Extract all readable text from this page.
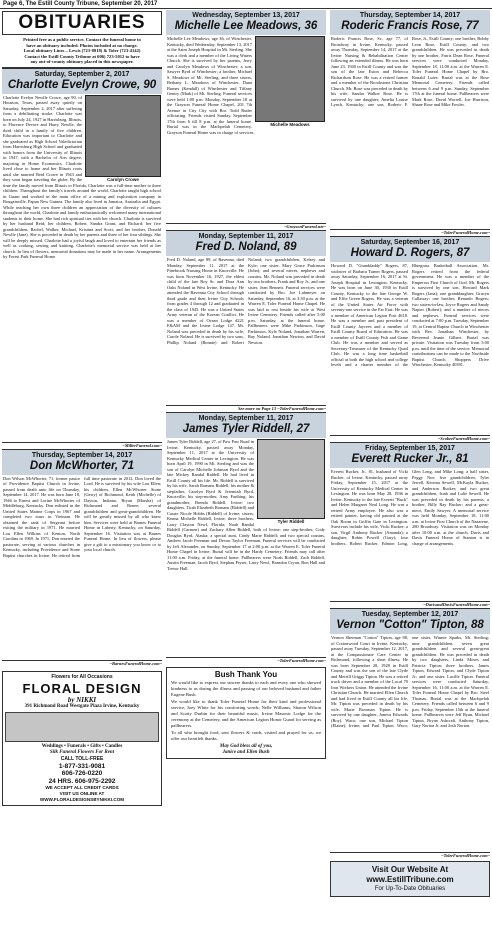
Page 6, The Estill County Tribune, September 20, 2017
OBITUARIES
Printed free as a public service. Contact the funeral home to
have an obituary included. Photos included at no charge.
Local obituary Lines – Lewis (723-8018) & Toler (723-4142)
Contact the Estill County Tribune at 606) 723-5012 to have
any out-of-county obituary placed in this newspaper.
Saturday, September 2, 2017
Charlotte Evelyn Crowe, 90
Carolyn Crowe
Charlotte Evelyn Newlle Crowe, age 90, of Houston, Texas, passed away quietly on Saturday, September 2, 2017 after suffering from a debilitating stroke. Charlotte was born on July 24, 1927 in Harrisburg, Illinois, to Florence Devore and Harry Newlle, the third child in a family of five children. Education was important to Charlotte and she graduated as High School Valedictorian from Harrisburg High School and graduated with honors from the University of Illinois in 1947, with a Bachelor of Arts degree, majoring in Home Economics. Charlotte lived close to home and her Illinois roots until she married Reid Crowe in 1943 and they soon began traveling the globe. By the time the family moved from Illinois to Florida, Charlotte was a full-time mother to three children. Throughout the family's travels around the world, Charlotte taught high school in Guam and worked in the main office of a mining and exploration company in Bougainville, Papua New Guinea. The family also lived in Jamaica, Australia and Egypt. While teaching her own three children an appreciation of the diversity of cultures throughout the world, Charlotte and family enthusiastically welcomed many international students to their home. She had rich spiritual ties with her church. Charlotte is survived by her husband Reid; her children, Robert, Sandra Grant, and Richard; her five grandchildren, Rachel, Walker, Michael, Kristina and Scott; and her brother, Donald Newlle (Jane). She is preceded in death by her parents and three of her four siblings. She will be deeply missed. Charlotte had a joyful laugh and loved to entertain her friends as well as cooking, sewing and knitting. Charlotte's memorial service was held at her church. In lieu of flowers, memorial donations may be made in her name. Arrangements by Forest Park Funeral Home.
~MillerFuneral.com~
Thursday, September 14, 2017
Don McWhorter, 71
Don Wilson McWhorter, 71, former pastor of Providence Baptist Church in Irvine, passed from death unto life on Thursday, September 14, 2017. He was born June 18, 1946 to Ernest and Lorine McWhorter of Middleburg, Kentucky. Don enlisted in the United States Marine Corps in 1967 and completed two tours in Vietnam. He obtained the rank of Sergeant before exiting the military in 1971. He married Lou Ellen Wilkins of Kenton, North Carolina in 1969. In 1971, Don entered the pastorate, serving at various churches in Kentucky, including Providence and Stone Baptist churches in Irvine. He retired from full time pastorate in 2012. Don loved the Lord. He is survived by his wife Lou Ellen; his children, Ellen McWhorter Stone (Gerry) of Richmond, Keith (Michelle) of Dayton, Indiana, Bryan (Marsha) of Richmond and Renee; several grandchildren and great-grandchildren. He will be greatly missed by all who knew him. Services were held at Barnes Funeral Home in Laberty, Kentucky, on Saturday, September 16. Visitation was at Barnes Funeral Home. In lieu of flowers, please give a gift to a missionary you know or to your local church.
~BarnesFuneralHome.com~
Flowers for All Occasions
FLORAL DESIGN
by NIKKI
391 Richmond Road Westgate Plaza Irvine, Kentucky
Weddings • Funerals • Gifts • Candles
Silk Funeral Flowers For Rent
CALL TOLL-FREE
1-877-331-9081
606-726-0220
24 HRS. 606-975-2292
WE ACCEPT ALL CREDIT CARDS
VISIT US ONLINE AT
WWW.FLORALDESIGNSBYNIKKI.COM
Wednesday, September 13, 2017
Michelle Lee Meadows, 36
Michelle Meadows
Michelle Lee Meadows, age 36, of Winchester, Kentucky, died Wednesday, September 13, 2017 at the Saint Joseph Hospital in Mt. Sterling. She was a clerk and a member of the Living Waters Church. She is survived by her parents, Jerry and Carolyn Meadows of Winchester; a son, Sawyer Byrd of Winchester; a brother, Michael S. Meadows of Mt. Sterling; and three sisters, Bethany L. Meadows of Winchester, Dana Barnes (Kendall) of Winchester and Tiffany Gentry (Mark) of Mt. Sterling. Funeral services were held 1:00 p.m. Monday, September 18 at the Grayson Funeral Home Chapel, 201 7th Avenue in City City with Bro. Todd Ruder officiating. Friends visited Sunday, September 17th from 6 till 8 p.m. at the funeral home. Burial was in the Machpelah Cemetery. Grayson Funeral Home was in charge of services.
~GraysonFuneral.net~
Monday, September 11, 2017
Fred D. Noland, 89
Fred D. Noland, age 89, of Ravenna, died Monday, September 11, 2017 at the Pinebrook Nursing Home in Knoxville. He was born November 16, 1927, the eldest child of the late Roy Sr. and Dora Ann Oaks Noland in West Irvine, Kentucky. He attended the Ravenna City School through third grade and then Irvine City Schools from grades 4 through 12 and graduated in the class of 1945. He was a United States Army veteran of the Korean Conflict. He was a member of Ocean Lodge #221 F&AM and the Irvine Lodge 147. Mr. Noland was preceded in death by his wife, Carole Noland. He is survived by two sons, Phillip Noland (Bonnie) and Robert Noland; two grandchildren, Kelsey and Kyle; one sister, Mary Grace Parkinson (John); and several nieces, nephews and cousins. Mr. Noland was preceded in death by two brothers, Frank and Roy Jr., and one sister, Jean Bennett. Funeral services were conducted by Bro. Joe Lahmeyer on Saturday, September 16, at 3:30 p.m. at the Warren E. Toler Funeral Home Chapel. He was laid to rest beside his wife at West Irvine Cemetery. Friends called after 5:00 p.m. Saturday, at the funeral home. Pallbearers were Mike Parkinson, Gage Parkinson, Kyle Noland, Jonathan Warren, Ray Noland, Jonathan Newton, and David Newton.
See more on Page 13 ~TolerFuneralHome.com~
Monday, September 11, 2017
James Tyler Riddell, 27
Tyler Riddell
James Tyler Riddell, age 27, of Paw Paw Road in Irvine, Kentucky, passed away Monday, September 11, 2017 at the University of Kentucky Medical Center in Lexington. He was born April 19, 1990 in Mt. Sterling and was the son of Carolyn Michelle Johnson Byrd and the late Mickey Randal Riddell. He had lived in Estill County all his life. Mr. Riddell is survived by his wife, Sarah Romans Riddell; his mother & stepfather, Carolyn Byrd & Jeremiah Byrd, Knoxville; his step-mother, Amy Farthing; his grandmother, Brenda Riddell, Irvine; two daughters, Tirah Elizabeth Romans (Riddell) and Cassie Nicole Hobbs (Riddell) of Irvine; sisters, Kenna Michelle Riddell, Irvine; three brothers, Larry Clayton Newl, Florida; Noah Randal Riddell (Carmen) and Zachary Allen Riddell, both of Irvine; one step-brother, Cody Douglas Byrd, Alaska; a special aunt, Cindy Marie Riddell; and two special cousins, Andrew Jacob Freeman and Devon Taylor Freeman. Funeral services will be conducted by Jeff Alexander, on Sunday, September 17 at 2:00 p.m. at the Warren E. Toler Funeral Home Chapel in Irvine. Burial will be in the Hardy Cemetery. Friends may call after 11:00 a.m. Friday, at the funeral home. Pallbearers were Noah Riddell, Zach Riddell, Austin Freeman, Jacob Byrd, Stephan Pryser, Larry Newl, Brandon Cryan, Ron Hall and Trevor Hall.
~TolerFuneralHome.com~
Bush Thank You

We would like to express our sincere thanks to each and every one who showed kindness to us during the illness and passing of our beloved husband and father Eugene Bush.

We would like to thank Toler Funeral Home for their kind and professional service, Joey White for his comforting words; Nelle Williams, Sharon Wilson and Scotty Durbin for their beautiful music, Irvine Masonic Lodge for the ceremony at the Cemetery, and the American Legion Honor Guard for serving as pallbearers.

To all who brought food, sent flowers & cards, visited and prayed for us, we offer our heartfelt thanks.

May God bless all of you,
Janice and Ellen Bush
Thursday, September 14, 2017
Roderic Francis Rose, 77
Roderic Francis Rose, Sr., age 77, of Broadway in Irvine, Kentucky, passed away Thursday, September 14, 2017 at the Irvine Nursing & Rehabilitation Center following an extended illness. He was born June 23, 1940 in Estill County and was the son of the late Eston and Rebecca Richardson Rose. He was a retired farmer and a member of the Brookstone Christian Church. Mr. Rose was preceded in death by his wife, Sandra Walker Rose. He is survived by one daughter, Amelia Louise Lynch, Kentucky; one son, Roderic F. Rose, Jr., Estill County; one brother, Bobby Leon Rose, Estill County; and two grandchildren. He was preceded in death by one brother, Farris Dean Rose. Funeral services were conducted Monday, September 18, 11:00 a.m. at the Warren E. Toler Funeral Home Chapel by Bro. Ronald Lutes. Burial was at the Rose Memorial Cemetery. Friends called between 6 and 9 p.m. Sunday, September 17th at the funeral home. Pallbearers were Mark Rose, David Worrell, Joe Harrison, Shane Rose and Mike Fowler.
~TolerFuneralHome.com~
Saturday, September 16, 2017
Howard D. Rogers, 87
Howard D. "Granddaddy" Rogers, 87, widower of Barbara Turner Rogers, passed away Saturday, September 16, 2017 at St. Joseph Hospital in Lexington, Kentucky. He was born on June 30, 1930 in Estill County, Kentucky to the late George W. and Effie Green Rogers. He was a veteran of the United States Air Force with seventy-one service in the Far East. He was a member of American Legion Post 4618. He was a member and past president of Estill County Jaycees and a member of Estill County Board of Education. He was a member of Estill County Fish and Game Club. He was a member and served as Secretary-Treasurer of the Kentucky Quail Club. He was a long time basketball official at both the high school and college levels and a charter member of the Bluegrass Basketball Association. Mr. Rogers retired from the federal government. He was a member of the Emperors First Church of God. Mr. Rogers is survived by one son, Howard Mark Rogers (Jana); one granddaughter, Gracyn Callaway; one brother, Renardo Rogers; two sisters-in-law, Joyce Rogers and Sandy Napier (Robert); and a number of nieces and nephews. Funeral services were conducted at 7:00 p.m. Tuesday, September 19, at Central Baptist Church in Winchester with Rev. Jonathan Winchester, by Reverend Jeanie Gilbert. Burial was private. Visitation was Tuesday from 5:00 p.m. until the time of the service. Memorial contributions can be made to the Northside Baptist Church. Shoppers Drive Winchester, Kentucky 40391.
~ScobeeFuneralHome.com~
Friday, September 15, 2017
Everett Rucker Jr., 81
Everett Rucker, Jr., 81, husband of Vicki Rucker, of Irvine, Kentucky, passed away Friday, September 15, 2017 at the University of Kentucky Medical Center in Lexington. He was born May 28, 1936 in Irvine, Kentucky to the late Everett "Buck" and Helen Margaret Neal Long. He was a retired Army employee. He also was a retired painter, having old painted at the Oak Room in Griffin Gate in Lexington. Survivors include his wife, Vicki Rucker; a son, Virgil Anthony Rucker (Amanda); a daughter, Robin Powell (Gary); four brothers, Robert Rucker, Edmon Long, Glen Long, and Mike Long; a half sister, Peggy Noe; five grandchildren, Tyler Jewell, Kerrina Sewell, McKayla Rucker, and Anderson Rucker; and two great grandchildren, Isiah and Lulie Sewell. He was preceded in death by his parents; a brother, Billy Ray Rucker; and a great-niece, Emily Sawyer. A memorial service was held Monday, September 18, 11:00 a.m. at Irvine First Church of the Nazarene, 280 Broadway. Visitation was on Monday after 10:00 a.m. at the church. Davis and Davis Funeral Home of Stanton is in charge of arrangements.
~DavisandDavisFuneralHome.com~
Tuesday, September 12, 2017
Vernon "Cotton" Tipton, 88
Vernon Sherman "Cotton" Tipton, age 88, of Cottonwood Court in Irvine, Kentucky, passed away Tuesday, September 12, 2017, at the Compassionate Care Center in Richmond, following a short illness. He was born September 28, 1928 in Estill County and was the son of the late Clyde and Merrill Griggs Tipton. He was a retired truck driver and a member of the Local 70 Iron Workers Union. He attended the Irvine Christian Church. He married Ellen Church and had lived in Estill County all his life. Mr. Tipton was preceded in death by his wife, Marie Bowman Tipton. He is survived by one daughter, Janeva Edwards (Roy), Waco; one son, Michael Tipton (Elaine), Irvine; and Paul Tipton, Waco; one sister, Winnie Sparks, Mt. Sterling; nine grandchildren, seven great grandchildren and several great-great grandchildren. He was preceded in death by two daughters, Linda Moses and Patricia Tipton; three brothers, James Tipton, Edward Tipton, and Clyde Tipton Jr.; and one sister, Lucille Tipton. Funeral services were conducted Saturday, September 16, 11:00 a.m. at the Warren E. Toler Funeral Home Chapel by Bro. Steel Thomas. Burial was at the Machpelah Cemetery. Friends called between 6 and 9 p.m. Friday, September 15th at the funeral home. Pallbearers were Jeff Ryan, Michael Tipton, Bryan Ashcraft, Anthony Tipton, Gary Norton Jr. and Josh Norton.
~TolerFuneralHome.com~
Visit Our Website At
www.EstillTribune.com
For Up-To-Date Obituaries
